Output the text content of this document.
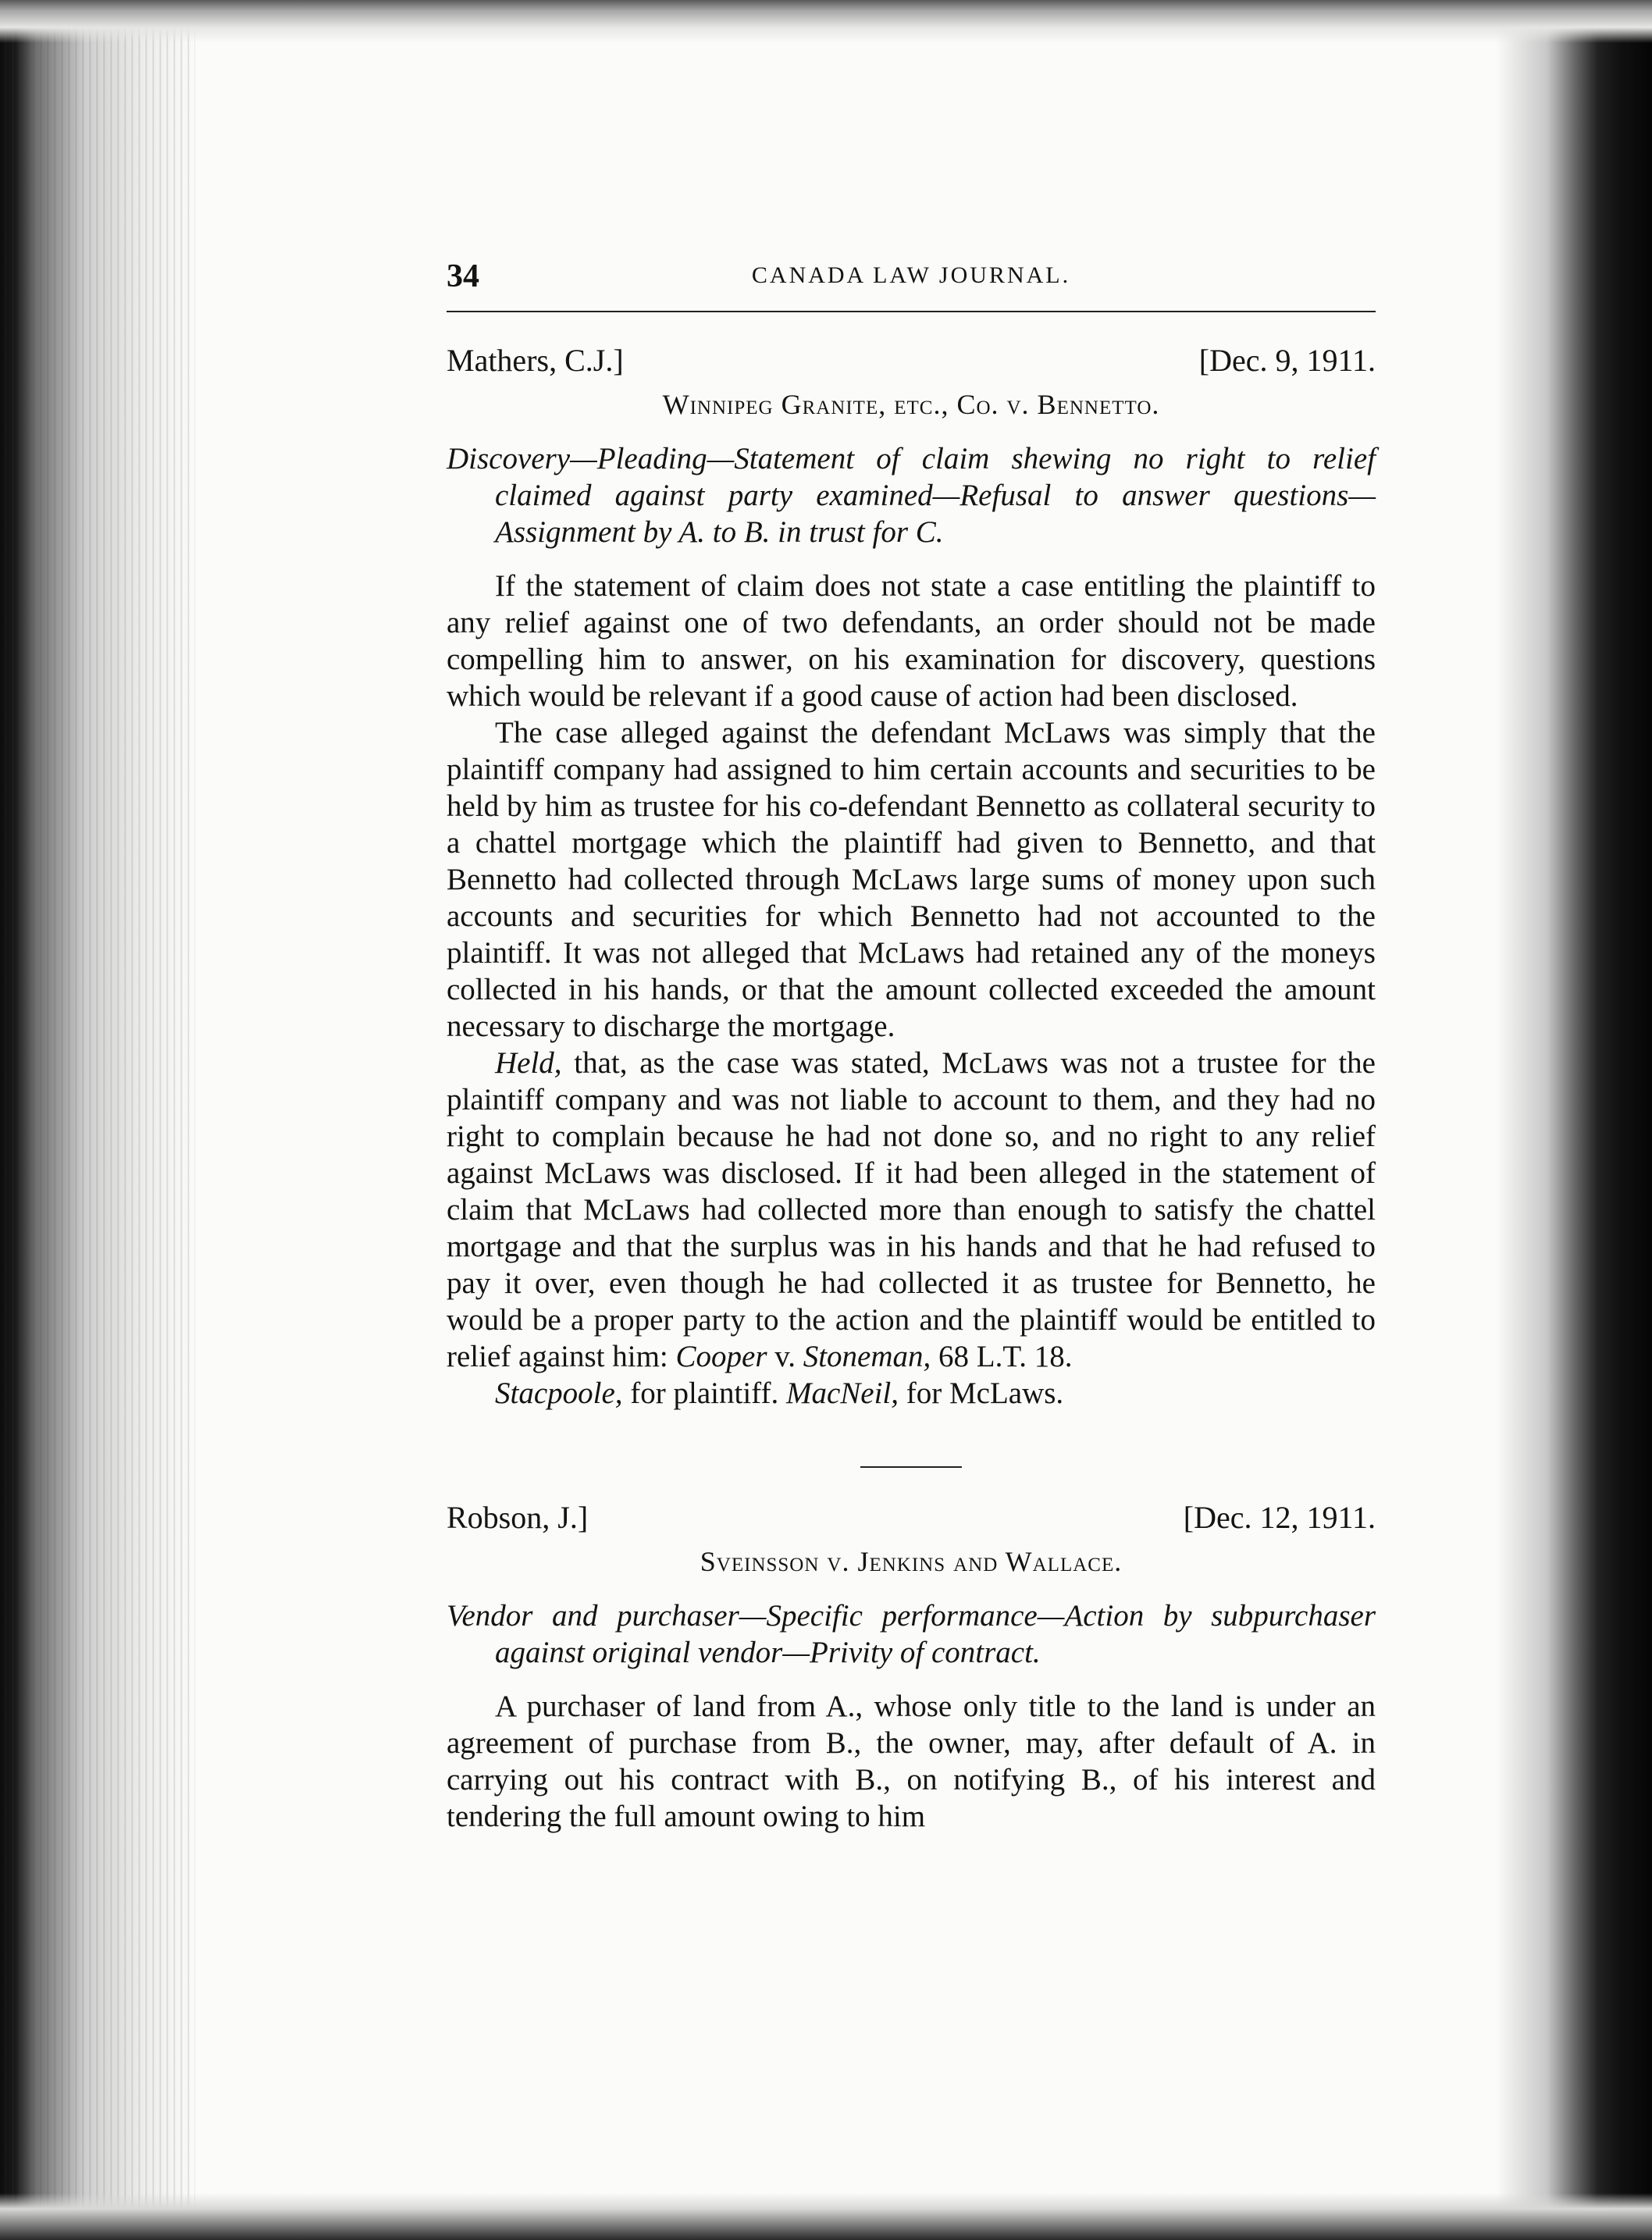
34	CANADA LAW JOURNAL.
Mathers, C.J.]	[Dec. 9, 1911.
Winnipeg Granite, etc., Co. v. Bennetto.
Discovery—Pleading—Statement of claim shewing no right to relief claimed against party examined—Refusal to answer questions—Assignment by A. to B. in trust for C.

If the statement of claim does not state a case entitling the plaintiff to any relief against one of two defendants, an order should not be made compelling him to answer, on his examination for discovery, questions which would be relevant if a good cause of action had been disclosed.

The case alleged against the defendant McLaws was simply that the plaintiff company had assigned to him certain accounts and securities to be held by him as trustee for his co-defendant Bennetto as collateral security to a chattel mortgage which the plaintiff had given to Bennetto, and that Bennetto had collected through McLaws large sums of money upon such accounts and securities for which Bennetto had not accounted to the plaintiff. It was not alleged that McLaws had retained any of the moneys collected in his hands, or that the amount collected exceeded the amount necessary to discharge the mortgage.

Held, that, as the case was stated, McLaws was not a trustee for the plaintiff company and was not liable to account to them, and they had no right to complain because he had not done so, and no right to any relief against McLaws was disclosed. If it had been alleged in the statement of claim that McLaws had collected more than enough to satisfy the chattel mortgage and that the surplus was in his hands and that he had refused to pay it over, even though he had collected it as trustee for Bennetto, he would be a proper party to the action and the plaintiff would be entitled to relief against him: Cooper v. Stoneman, 68 L.T. 18.

Stacpoole, for plaintiff. MacNeil, for McLaws.

Robson, J.]	[Dec. 12, 1911.
Sveinsson v. Jenkins and Wallace.
Vendor and purchaser—Specific performance—Action by subpurchaser against original vendor—Privity of contract.

A purchaser of land from A., whose only title to the land is under an agreement of purchase from B., the owner, may, after default of A. in carrying out his contract with B., on notifying B., of his interest and tendering the full amount owing to him
